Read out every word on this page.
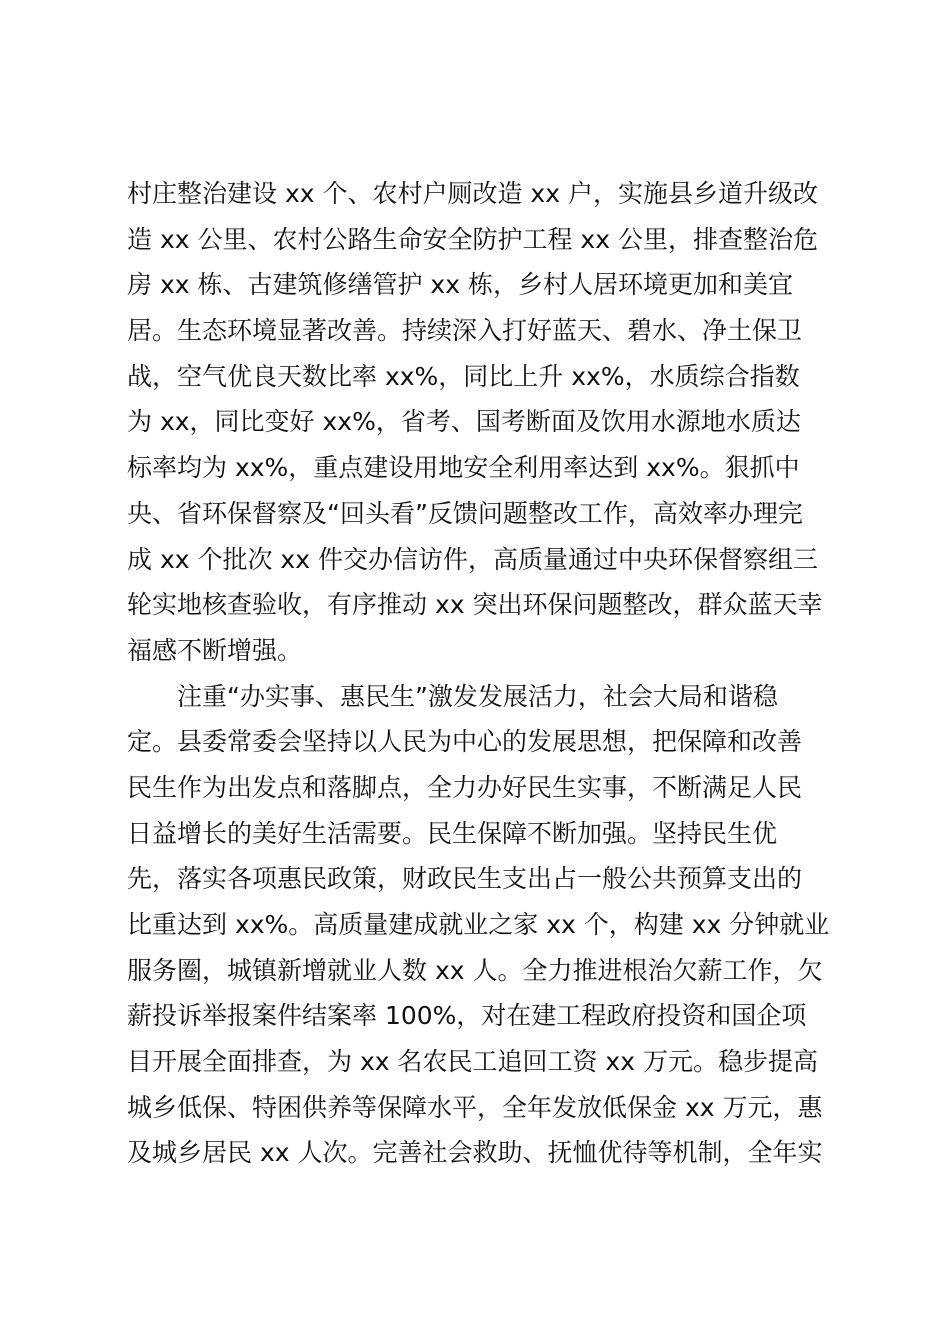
村庄整治建设 xx 个、农村户厕改造 xx 户，实施县乡道升级改
造 xx 公里、农村公路生命安全防护工程 xx 公里，排查整治危
房 xx 栋、古建筑修缮管护 xx 栋，乡村人居环境更加和美宜
居。生态环境显著改善。持续深入打好蓝天、碧水、净土保卫
战，空气优良天数比率 xx%，同比上升 xx%，水质综合指数
为 xx，同比变好 xx%，省考、国考断面及饮用水源地水质达
标率均为 xx%，重点建设用地安全利用率达到 xx%。狠抓中
央、省环保督察及“回头看”反馈问题整改工作，高效率办理完
成 xx 个批次 xx 件交办信访件，高质量通过中央环保督察组三
轮实地核查验收，有序推动 xx 突出环保问题整改，群众蓝天幸
福感不断增强。
注重“办实事、惠民生”激发发展活力，社会大局和谐稳
定。县委常委会坚持以人民为中心的发展思想，把保障和改善
民生作为出发点和落脚点，全力办好民生实事，不断满足人民
日益增长的美好生活需要。民生保障不断加强。坚持民生优
先，落实各项惠民政策，财政民生支出占一般公共预算支出的
比重达到 xx%。高质量建成就业之家 xx 个，构建 xx 分钟就业
服务圈，城镇新增就业人数 xx 人。全力推进根治欠薪工作，欠
薪投诉举报案件结案率 100%，对在建工程政府投资和国企项
目开展全面排查，为 xx 名农民工追回工资 xx 万元。稳步提高
城乡低保、特困供养等保障水平，全年发放低保金 xx 万元，惠
及城乡居民 xx 人次。完善社会救助、抚恤优待等机制，全年实
